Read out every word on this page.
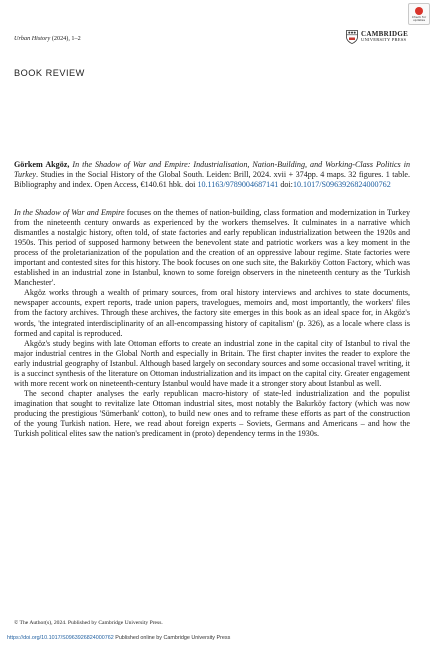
Check for updates
Urban History (2024), 1–2
CAMBRIDGE
UNIVERSITY PRESS
BOOK REVIEW
Görkem Akgöz, In the Shadow of War and Empire: Industrialisation, Nation-Building, and Working-Class Politics in Turkey. Studies in the Social History of the Global South. Leiden: Brill, 2024. xvii + 374pp. 4 maps. 32 figures. 1 table. Bibliography and index. Open Access, €140.61 hbk. doi 10.1163/9789004687141 doi:10.1017/S0963926824000762

In the Shadow of War and Empire focuses on the themes of nation-building, class formation and modernization in Turkey from the nineteenth century onwards as experienced by the workers themselves. It culminates in a narrative which dismantles a nostalgic history, often told, of state factories and early republican industrialization between the 1920s and 1950s. This period of supposed harmony between the benevolent state and patriotic workers was a key moment in the process of the proletarianization of the population and the creation of an oppressive labour regime. State factories were important and contested sites for this history. The book focuses on one such site, the Bakırköy Cotton Factory, which was established in an industrial zone in Istanbul, known to some foreign observers in the nineteenth century as the 'Turkish Manchester'.

Akgöz works through a wealth of primary sources, from oral history interviews and archives to state documents, newspaper accounts, expert reports, trade union papers, travelogues, memoirs and, most importantly, the workers' files from the factory archives. Through these archives, the factory site emerges in this book as an ideal space for, in Akgöz's words, 'the integrated interdisciplinarity of an all-encompassing history of capitalism' (p. 326), as a locale where class is formed and capital is reproduced.

Akgöz's study begins with late Ottoman efforts to create an industrial zone in the capital city of Istanbul to rival the major industrial centres in the Global North and especially in Britain. The first chapter invites the reader to explore the early industrial geography of Istanbul. Although based largely on secondary sources and some occasional travel writing, it is a succinct synthesis of the literature on Ottoman industrialization and its impact on the capital city. Greater engagement with more recent work on nineteenth-century Istanbul would have made it a stronger story about Istanbul as well.

The second chapter analyses the early republican macro-history of state-led industrialization and the populist imagination that sought to revitalize late Ottoman industrial sites, most notably the Bakırköy factory (which was now producing the prestigious 'Sümerbank' cotton), to build new ones and to reframe these efforts as part of the construction of the young Turkish nation. Here, we read about foreign experts – Soviets, Germans and Americans – and how the Turkish political elites saw the nation's predicament in (proto) dependency terms in the 1930s.

© The Author(s), 2024. Published by Cambridge University Press.
https://doi.org/10.1017/S0963926824000762 Published online by Cambridge University Press
